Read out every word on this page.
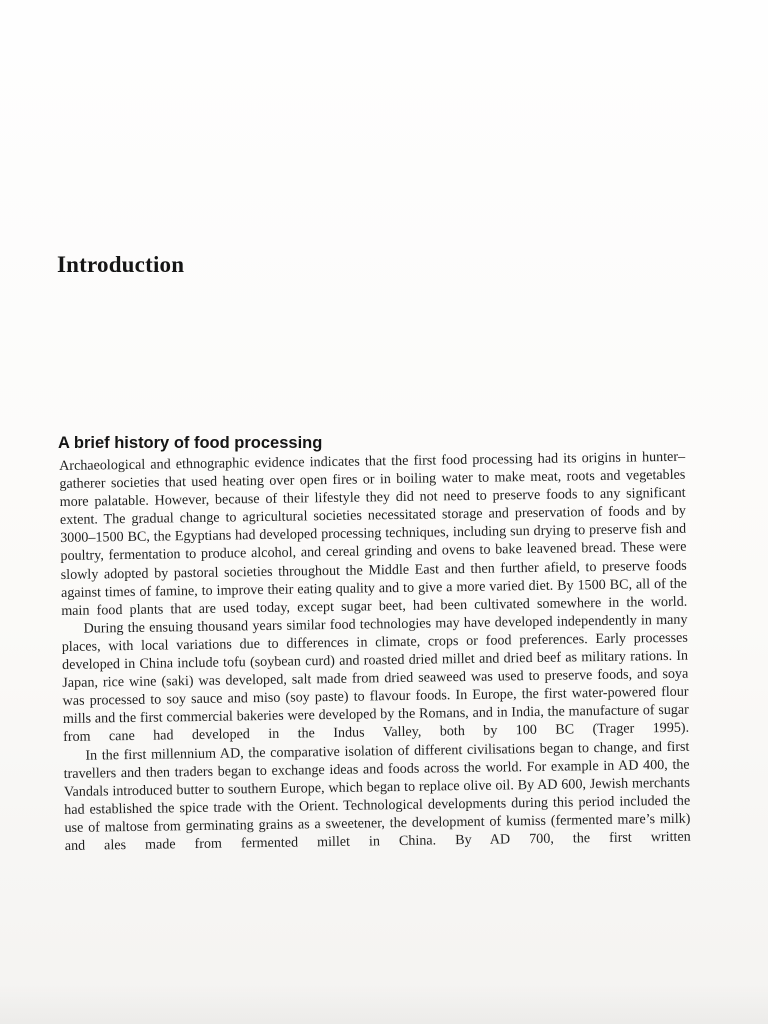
Introduction
A brief history of food processing

Archaeological and ethnographic evidence indicates that the first food processing had its origins in hunter–gatherer societies that used heating over open fires or in boiling water to make meat, roots and vegetables more palatable. However, because of their lifestyle they did not need to preserve foods to any significant extent. The gradual change to agricultural societies necessitated storage and preservation of foods and by 3000–1500 BC, the Egyptians had developed processing techniques, including sun drying to preserve fish and poultry, fermentation to produce alcohol, and cereal grinding and ovens to bake leavened bread. These were slowly adopted by pastoral societies throughout the Middle East and then further afield, to preserve foods against times of famine, to improve their eating quality and to give a more varied diet. By 1500 BC, all of the main food plants that are used today, except sugar beet, had been cultivated somewhere in the world.

During the ensuing thousand years similar food technologies may have developed independently in many places, with local variations due to differences in climate, crops or food preferences. Early processes developed in China include tofu (soybean curd) and roasted dried millet and dried beef as military rations. In Japan, rice wine (saki) was developed, salt made from dried seaweed was used to preserve foods, and soya was processed to soy sauce and miso (soy paste) to flavour foods. In Europe, the first water-powered flour mills and the first commercial bakeries were developed by the Romans, and in India, the manufacture of sugar from cane had developed in the Indus Valley, both by 100 BC (Trager 1995).

In the first millennium AD, the comparative isolation of different civilisations began to change, and first travellers and then traders began to exchange ideas and foods across the world. For example in AD 400, the Vandals introduced butter to southern Europe, which began to replace olive oil. By AD 600, Jewish merchants had established the spice trade with the Orient. Technological developments during this period included the use of maltose from germinating grains as a sweetener, the development of kumiss (fermented mare’s milk) and ales made from fermented millet in China. By AD 700, the first written
